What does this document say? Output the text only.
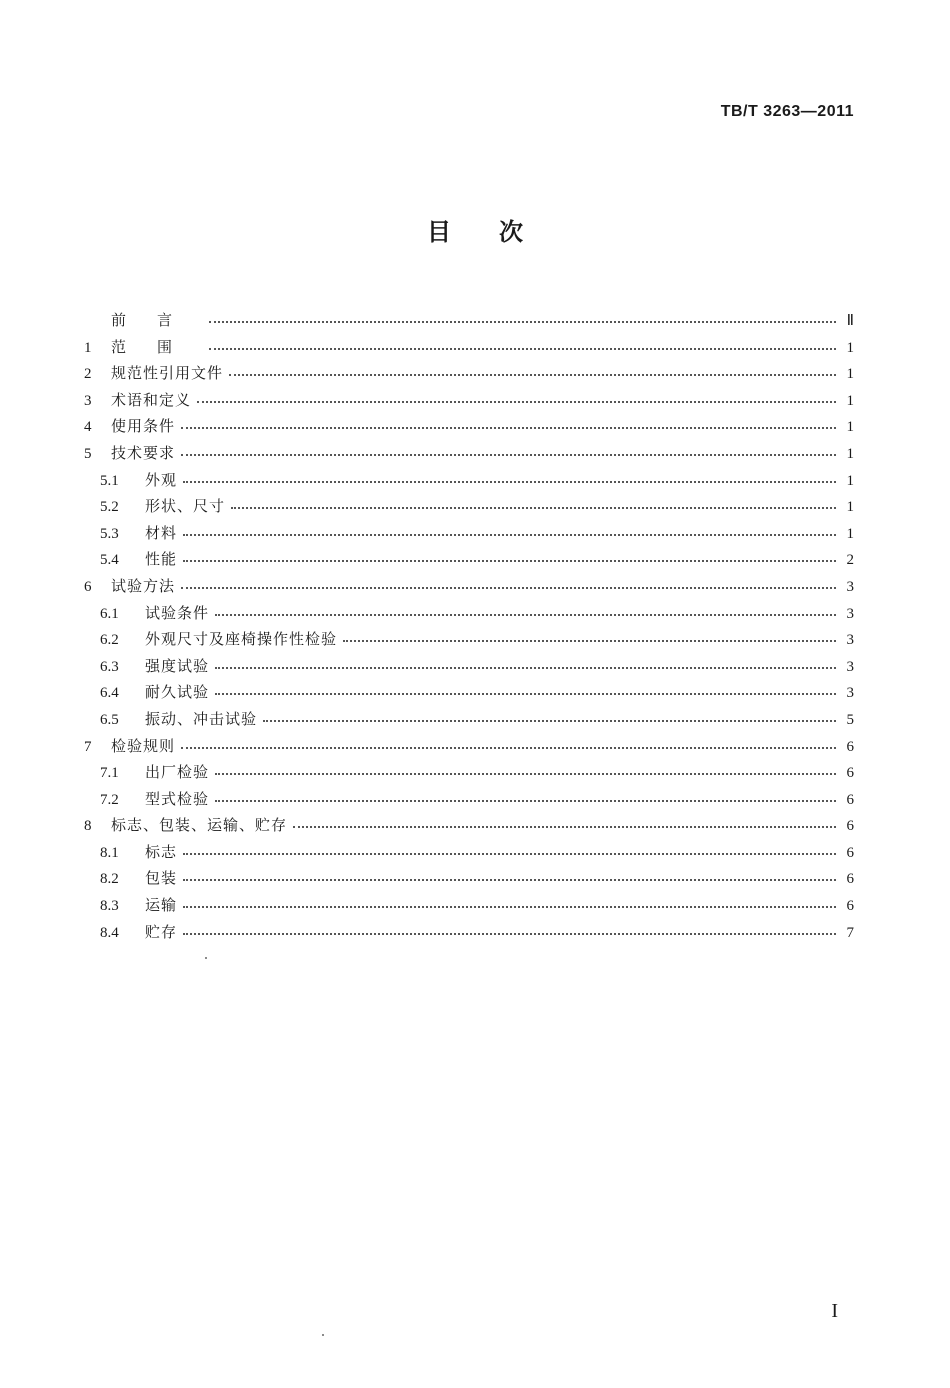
TB/T 3263—2011
目次
前言	Ⅱ
1	范围	1
2	规范性引用文件	1
3	术语和定义	1
4	使用条件	1
5	技术要求	1
5.1	外观	1
5.2	形状、尺寸	1
5.3	材料	1
5.4	性能	2
6	试验方法	3
6.1	试验条件	3
6.2	外观尺寸及座椅操作性检验	3
6.3	强度试验	3
6.4	耐久试验	3
6.5	振动、冲击试验	5
7	检验规则	6
7.1	出厂检验	6
7.2	型式检验	6
8	标志、包装、运输、贮存	6
8.1	标志	6
8.2	包装	6
8.3	运输	6
8.4	贮存	7
I
